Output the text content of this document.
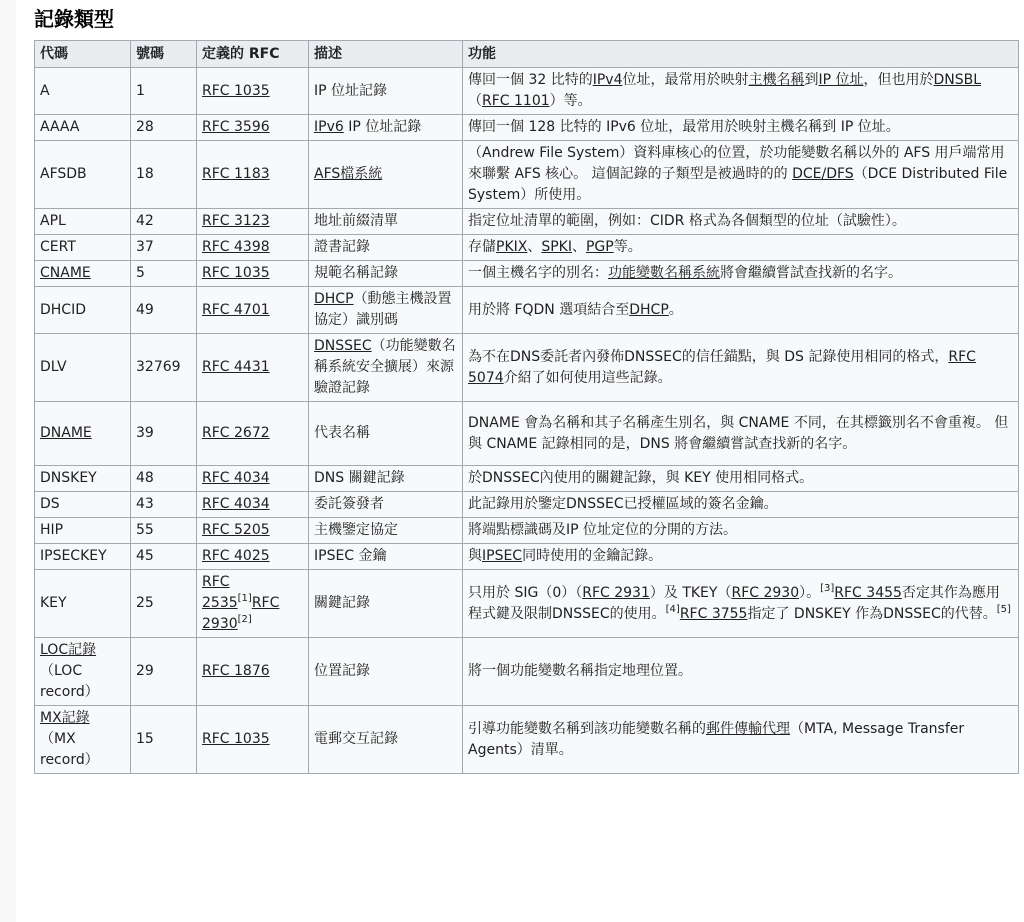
記錄類型
代碼	號碼	定義的 RFC	描述	功能
A	1	RFC 1035	IP 位址記錄	傳回一個 32 比特的IPv4位址，最常用於映射主機名稱到IP 位址，但也用於DNSBL（RFC 1101）等。
AAAA	28	RFC 3596	IPv6 IP 位址記錄	傳回一個 128 比特的 IPv6 位址，最常用於映射主機名稱到 IP 位址。
AFSDB	18	RFC 1183	AFS檔系統	（Andrew File System）資料庫核心的位置，於功能變數名稱以外的 AFS 用戶端常用來聯繫 AFS 核心。 這個記錄的子類型是被過時的的 DCE/DFS（DCE Distributed File System）所使用。
APL	42	RFC 3123	地址前綴清單	指定位址清單的範圍，例如：CIDR 格式為各個類型的位址（試驗性）。
CERT	37	RFC 4398	證書記錄	存儲PKIX、SPKI、PGP等。
CNAME	5	RFC 1035	規範名稱記錄	一個主機名字的別名：功能變數名稱系統將會繼續嘗試查找新的名字。
DHCID	49	RFC 4701	DHCP（動態主機設置協定）識別碼	用於將 FQDN 選項結合至DHCP。
DLV	32769	RFC 4431	DNSSEC（功能變數名稱系統安全擴展）來源驗證記錄	為不在DNS委託者內發佈DNSSEC的信任錨點，與 DS 記錄使用相同的格式，RFC 5074介紹了如何使用這些記錄。
DNAME	39	RFC 2672	代表名稱	DNAME 會為名稱和其子名稱產生別名，與 CNAME 不同，在其標籤別名不會重複。 但與 CNAME 記錄相同的是，DNS 將會繼續嘗試查找新的名字。
DNSKEY	48	RFC 4034	DNS 關鍵記錄	於DNSSEC內使用的關鍵記錄，與 KEY 使用相同格式。
DS	43	RFC 4034	委託簽發者	此記錄用於鑒定DNSSEC已授權區域的簽名金鑰。
HIP	55	RFC 5205	主機鑒定協定	將端點標識碼及IP 位址定位的分開的方法。
IPSECKEY	45	RFC 4025	IPSEC 金鑰	與IPSEC同時使用的金鑰記錄。
KEY	25	RFC 2535[1]RFC 2930[2]	關鍵記錄	只用於 SIG（0）（RFC 2931）及 TKEY（RFC 2930）。[3]RFC 3455否定其作為應用程式鍵及限制DNSSEC的使用。[4]RFC 3755指定了 DNSKEY 作為DNSSEC的代替。[5]
LOC記錄（LOC record）	29	RFC 1876	位置記錄	將一個功能變數名稱指定地理位置。
MX記錄（MX record）	15	RFC 1035	電郵交互記錄	引導功能變數名稱到該功能變數名稱的郵件傳輸代理（MTA, Message Transfer Agents）清單。
